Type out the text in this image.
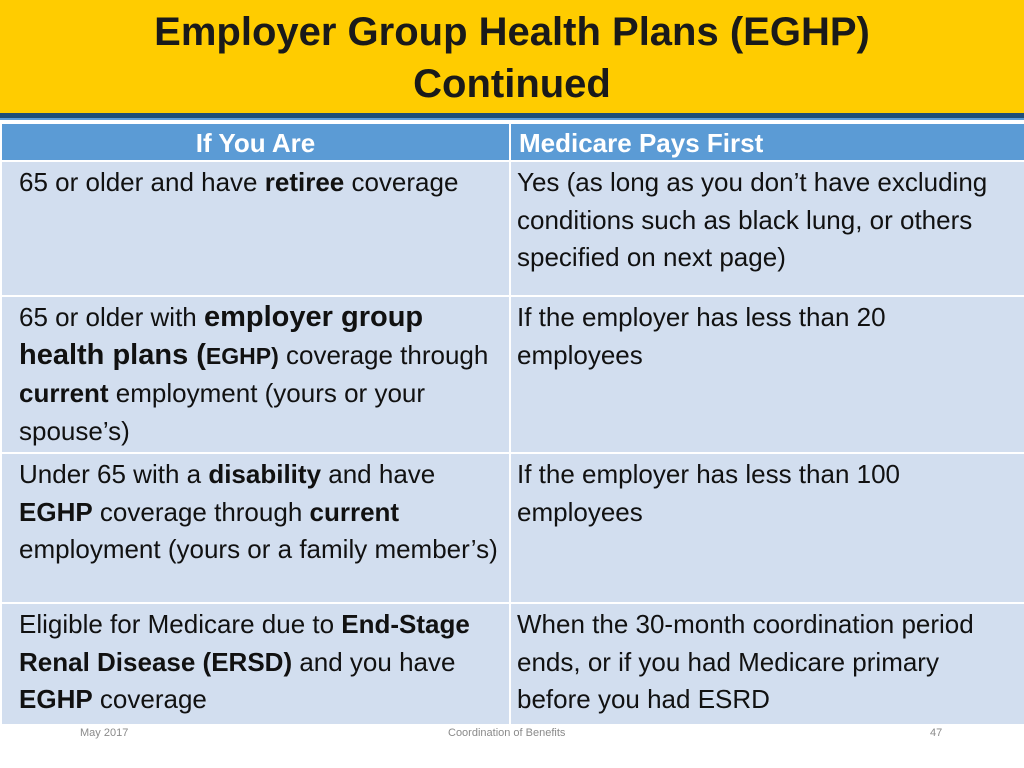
Employer Group Health Plans (EGHP)
Continued
If You Are	Medicare Pays First
65 or older and have retiree coverage	Yes (as long as you don’t have excluding conditions such as black lung, or others specified on next page)
65 or older with employer group health plans (EGHP) coverage through current employment (yours or your spouse’s)	If the employer has less than 20 employees
Under 65 with a disability and have EGHP coverage through current employment (yours or a family member’s)	If the employer has less than 100 employees
Eligible for Medicare due to End-Stage Renal Disease (ERSD) and you have EGHP coverage	When the 30-month coordination period ends, or if you had Medicare primary before you had ESRD
May 2017	Coordination of Benefits	47
